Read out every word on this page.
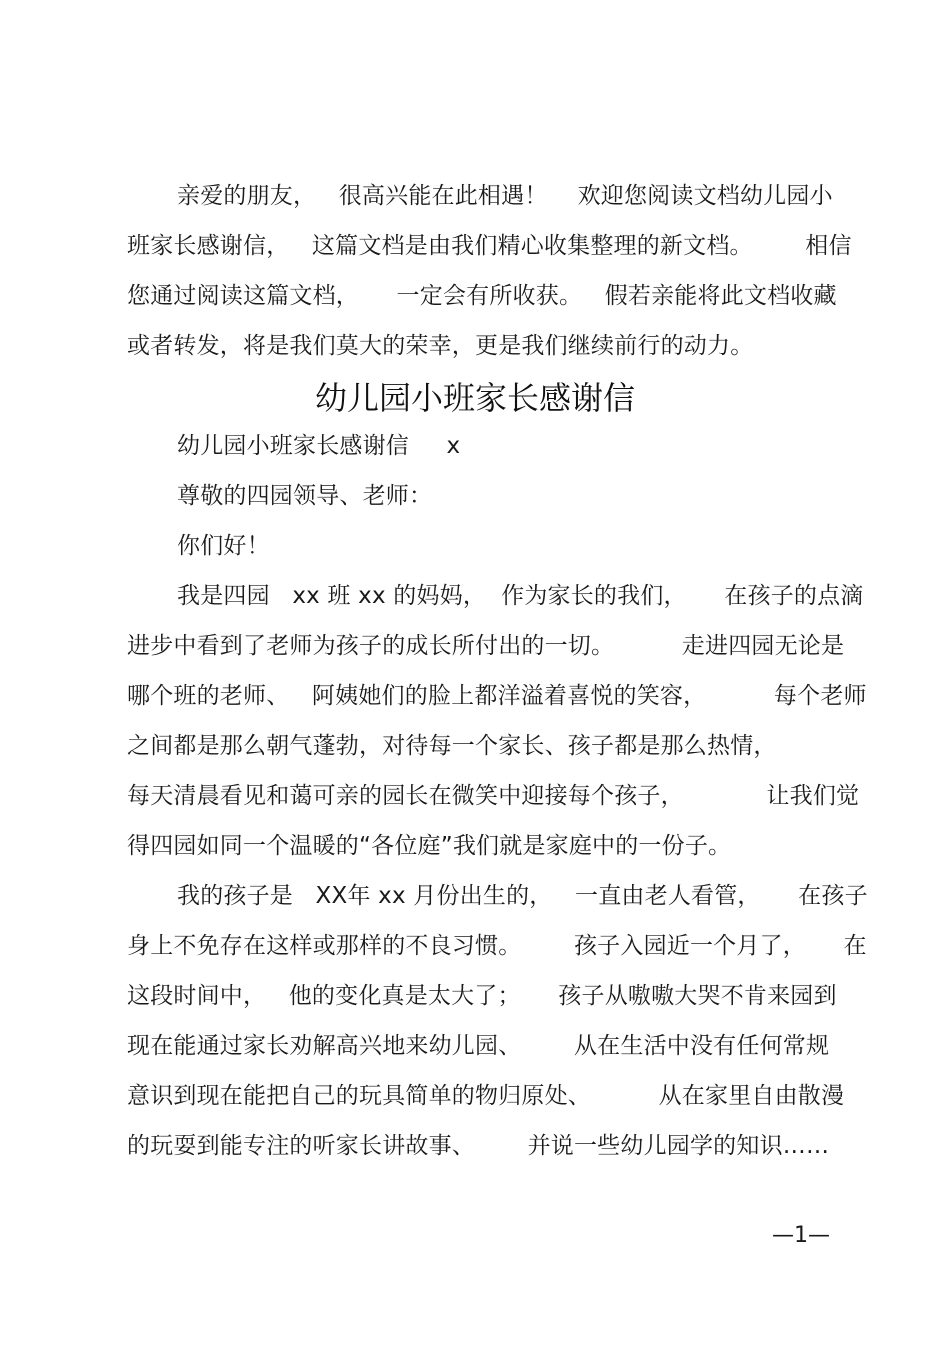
亲爱的朋友，   很高兴能在此相遇！    欢迎您阅读文档幼儿园小
班家长感谢信，   这篇文档是由我们精心收集整理的新文档。       相信
您通过阅读这篇文档，     一定会有所收获。   假若亲能将此文档收藏
或者转发，将是我们莫大的荣幸，更是我们继续前行的动力。
幼儿园小班家长感谢信
幼儿园小班家长感谢信     x
尊敬的四园领导、老师：
你们好！
我是四园   xx 班 xx 的妈妈，  作为家长的我们，     在孩子的点滴
进步中看到了老师为孩子的成长所付出的一切。         走进四园无论是
哪个班的老师、   阿姨她们的脸上都洋溢着喜悦的笑容，         每个老师
之间都是那么朝气蓬勃，对待每一个家长、孩子都是那么热情，
每天清晨看见和蔼可亲的园长在微笑中迎接每个孩子，           让我们觉
得四园如同一个温暖的“各位庭”我们就是家庭中的一份子。
我的孩子是   XX年 xx 月份出生的，   一直由老人看管，     在孩子
身上不免存在这样或那样的不良习惯。       孩子入园近一个月了，     在
这段时间中，   他的变化真是太大了；     孩子从嗷嗷大哭不肯来园到
现在能通过家长劝解高兴地来幼儿园、       从在生活中没有任何常规
意识到现在能把自己的玩具简单的物归原处、         从在家里自由散漫
的玩耍到能专注的听家长讲故事、       并说一些幼儿园学的知识……
—1—
